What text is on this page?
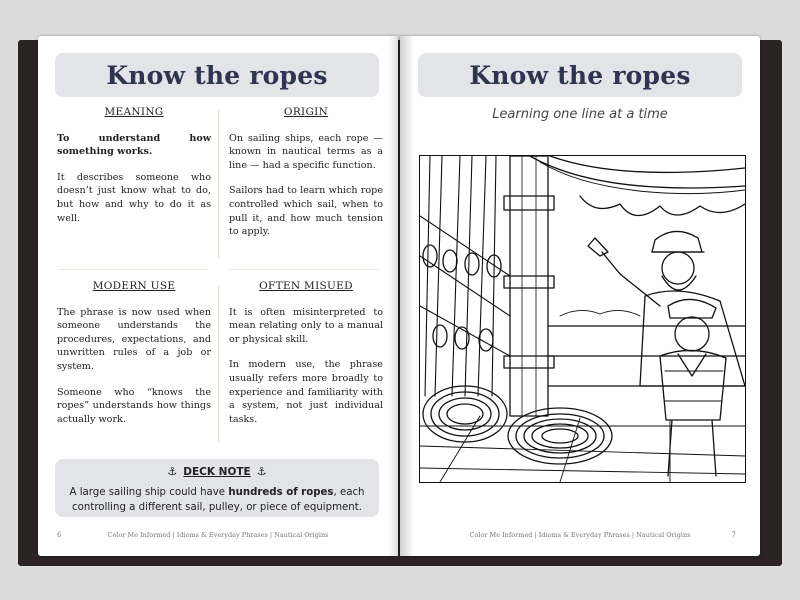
Know the ropes
MEANING

To understand how something works.

It describes someone who doesn’t just know what to do, but how and why to do it as well.

ORIGIN

On sailing ships, each rope — known in nautical terms as a line — had a specific function.

Sailors had to learn which rope controlled which sail, when to pull it, and how much tension to apply.

MODERN USE

The phrase is now used when someone understands the procedures, expectations, and unwritten rules of a job or system.

Someone who “knows the ropes” understands how things actually work.

OFTEN MISUED

It is often misinterpreted to mean relating only to a manual or physical skill.

In modern use, the phrase usually refers more broadly to experience and familiarity with a system, not just individual tasks.

⚓ DECK NOTE ⚓
A large sailing ship could have hundreds of ropes, each controlling a different sail, pulley, or piece of equipment.
6	Color Me Informed | Idioms & Everyday Phrases | Nautical Origins
Know the ropes
Learning one line at a time
Color Me Informed | Idioms & Everyday Phrases | Nautical Origins	7
